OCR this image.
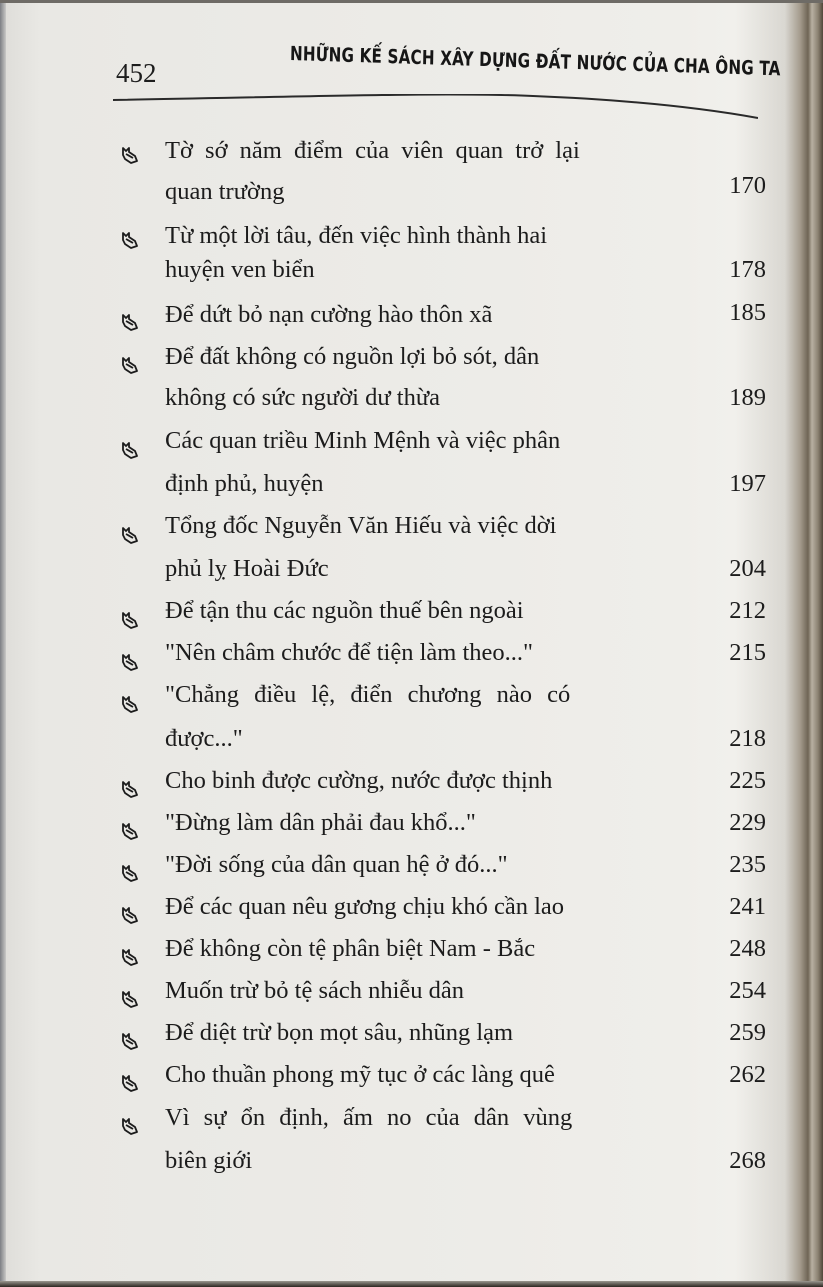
452	NHỮNG KẾ SÁCH XÂY DỰNG ĐẤT NƯỚC CỦA CHA ÔNG TA
Tờ sớ năm điểm của viên quan trở lại
quan trường	170
Từ một lời tâu, đến việc hình thành hai
huyện ven biển	178
Để dứt bỏ nạn cường hào thôn xã	185
Để đất không có nguồn lợi bỏ sót, dân
không có sức người dư thừa	189
Các quan triều Minh Mệnh và việc phân
định phủ, huyện	197
Tổng đốc Nguyễn Văn Hiếu và việc dời
phủ lỵ Hoài Đức	204
Để tận thu các nguồn thuế bên ngoài	212
"Nên châm chước để tiện làm theo..."	215
"Chẳng điều lệ, điển chương nào có
được..."	218
Cho binh được cường, nước được thịnh	225
"Đừng làm dân phải đau khổ..."	229
"Đời sống của dân quan hệ ở đó..."	235
Để các quan nêu gương chịu khó cần lao	241
Để không còn tệ phân biệt Nam - Bắc	248
Muốn trừ bỏ tệ sách nhiễu dân	254
Để diệt trừ bọn mọt sâu, nhũng lạm	259
Cho thuần phong mỹ tục ở các làng quê	262
Vì sự ổn định, ấm no của dân vùng
biên giới	268
